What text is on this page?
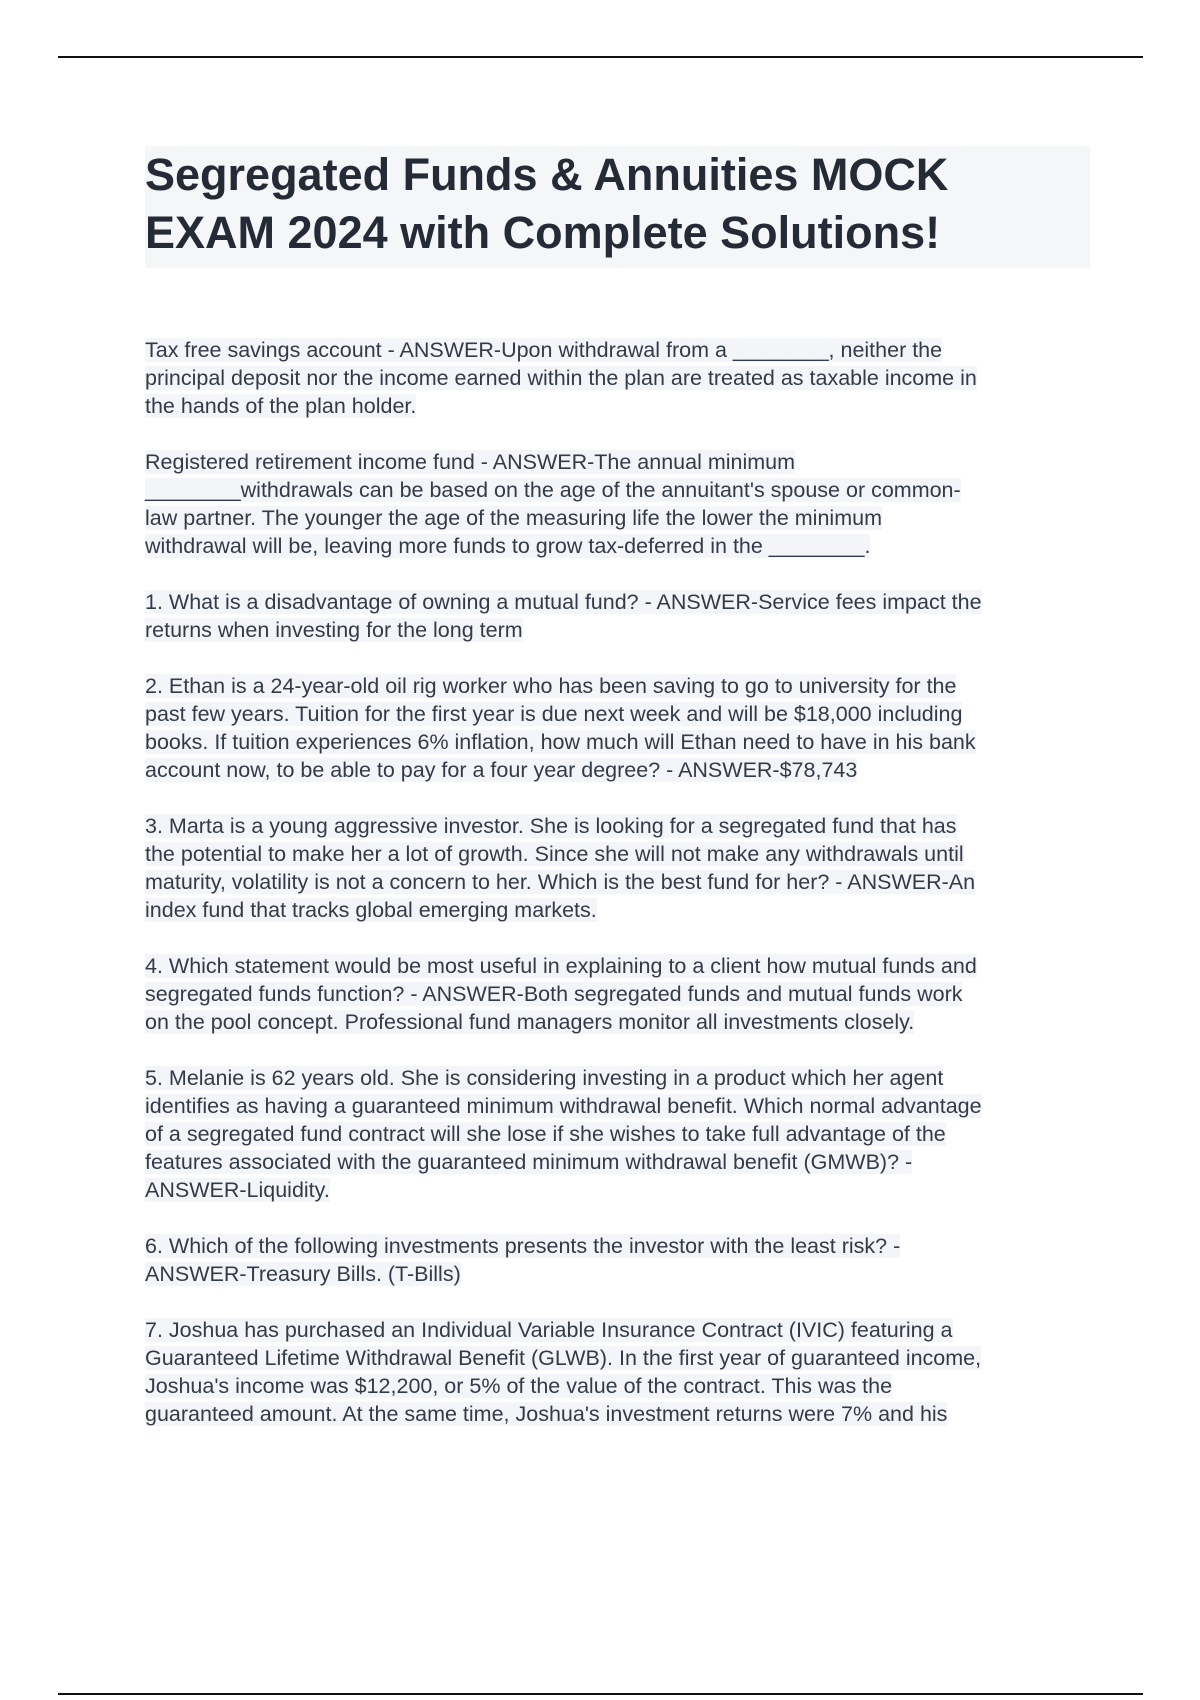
Segregated Funds & Annuities MOCK
EXAM 2024 with Complete Solutions!
Tax free savings account - ANSWER-Upon withdrawal from a ________, neither the
principal deposit nor the income earned within the plan are treated as taxable income in
the hands of the plan holder.
Registered retirement income fund - ANSWER-The annual minimum
________withdrawals can be based on the age of the annuitant's spouse or common-
law partner. The younger the age of the measuring life the lower the minimum
withdrawal will be, leaving more funds to grow tax-deferred in the ________.
1. What is a disadvantage of owning a mutual fund? - ANSWER-Service fees impact the
returns when investing for the long term
2. Ethan is a 24-year-old oil rig worker who has been saving to go to university for the
past few years. Tuition for the first year is due next week and will be $18,000 including
books. If tuition experiences 6% inflation, how much will Ethan need to have in his bank
account now, to be able to pay for a four year degree? - ANSWER-$78,743
3. Marta is a young aggressive investor. She is looking for a segregated fund that has
the potential to make her a lot of growth. Since she will not make any withdrawals until
maturity, volatility is not a concern to her. Which is the best fund for her? - ANSWER-An
index fund that tracks global emerging markets.
4. Which statement would be most useful in explaining to a client how mutual funds and
segregated funds function? - ANSWER-Both segregated funds and mutual funds work
on the pool concept. Professional fund managers monitor all investments closely.
5. Melanie is 62 years old. She is considering investing in a product which her agent
identifies as having a guaranteed minimum withdrawal benefit. Which normal advantage
of a segregated fund contract will she lose if she wishes to take full advantage of the
features associated with the guaranteed minimum withdrawal benefit (GMWB)? -
ANSWER-Liquidity.
6. Which of the following investments presents the investor with the least risk? -
ANSWER-Treasury Bills. (T-Bills)
7. Joshua has purchased an Individual Variable Insurance Contract (IVIC) featuring a
Guaranteed Lifetime Withdrawal Benefit (GLWB). In the first year of guaranteed income,
Joshua's income was $12,200, or 5% of the value of the contract. This was the
guaranteed amount. At the same time, Joshua's investment returns were 7% and his
